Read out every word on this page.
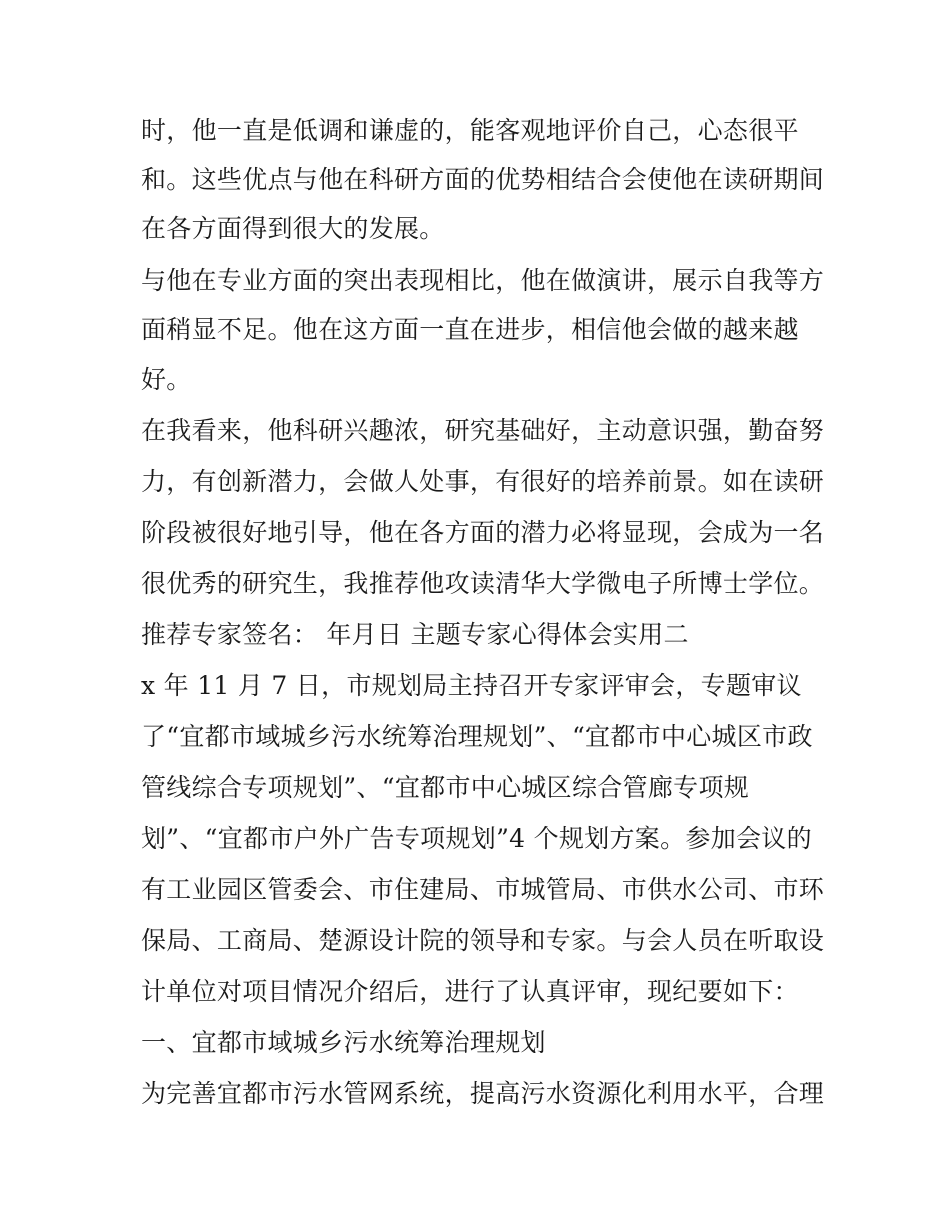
时，他一直是低调和谦虚的，能客观地评价自己，心态很平
和。这些优点与他在科研方面的优势相结合会使他在读研期间
在各方面得到很大的发展。
与他在专业方面的突出表现相比，他在做演讲，展示自我等方
面稍显不足。他在这方面一直在进步，相信他会做的越来越
好。
在我看来，他科研兴趣浓，研究基础好，主动意识强，勤奋努
力，有创新潜力，会做人处事，有很好的培养前景。如在读研
阶段被很好地引导，他在各方面的潜力必将显现，会成为一名
很优秀的研究生，我推荐他攻读清华大学微电子所博士学位。
推荐专家签名： 年月日 主题专家心得体会实用二
x 年 11 月 7 日，市规划局主持召开专家评审会，专题审议
了“宜都市域城乡污水统筹治理规划”、“宜都市中心城区市政
管线综合专项规划”、“宜都市中心城区综合管廊专项规
划”、“宜都市户外广告专项规划”4 个规划方案。参加会议的
有工业园区管委会、市住建局、市城管局、市供水公司、市环
保局、工商局、楚源设计院的领导和专家。与会人员在听取设
计单位对项目情况介绍后，进行了认真评审，现纪要如下：
一、宜都市域城乡污水统筹治理规划
为完善宜都市污水管网系统，提高污水资源化利用水平，合理
